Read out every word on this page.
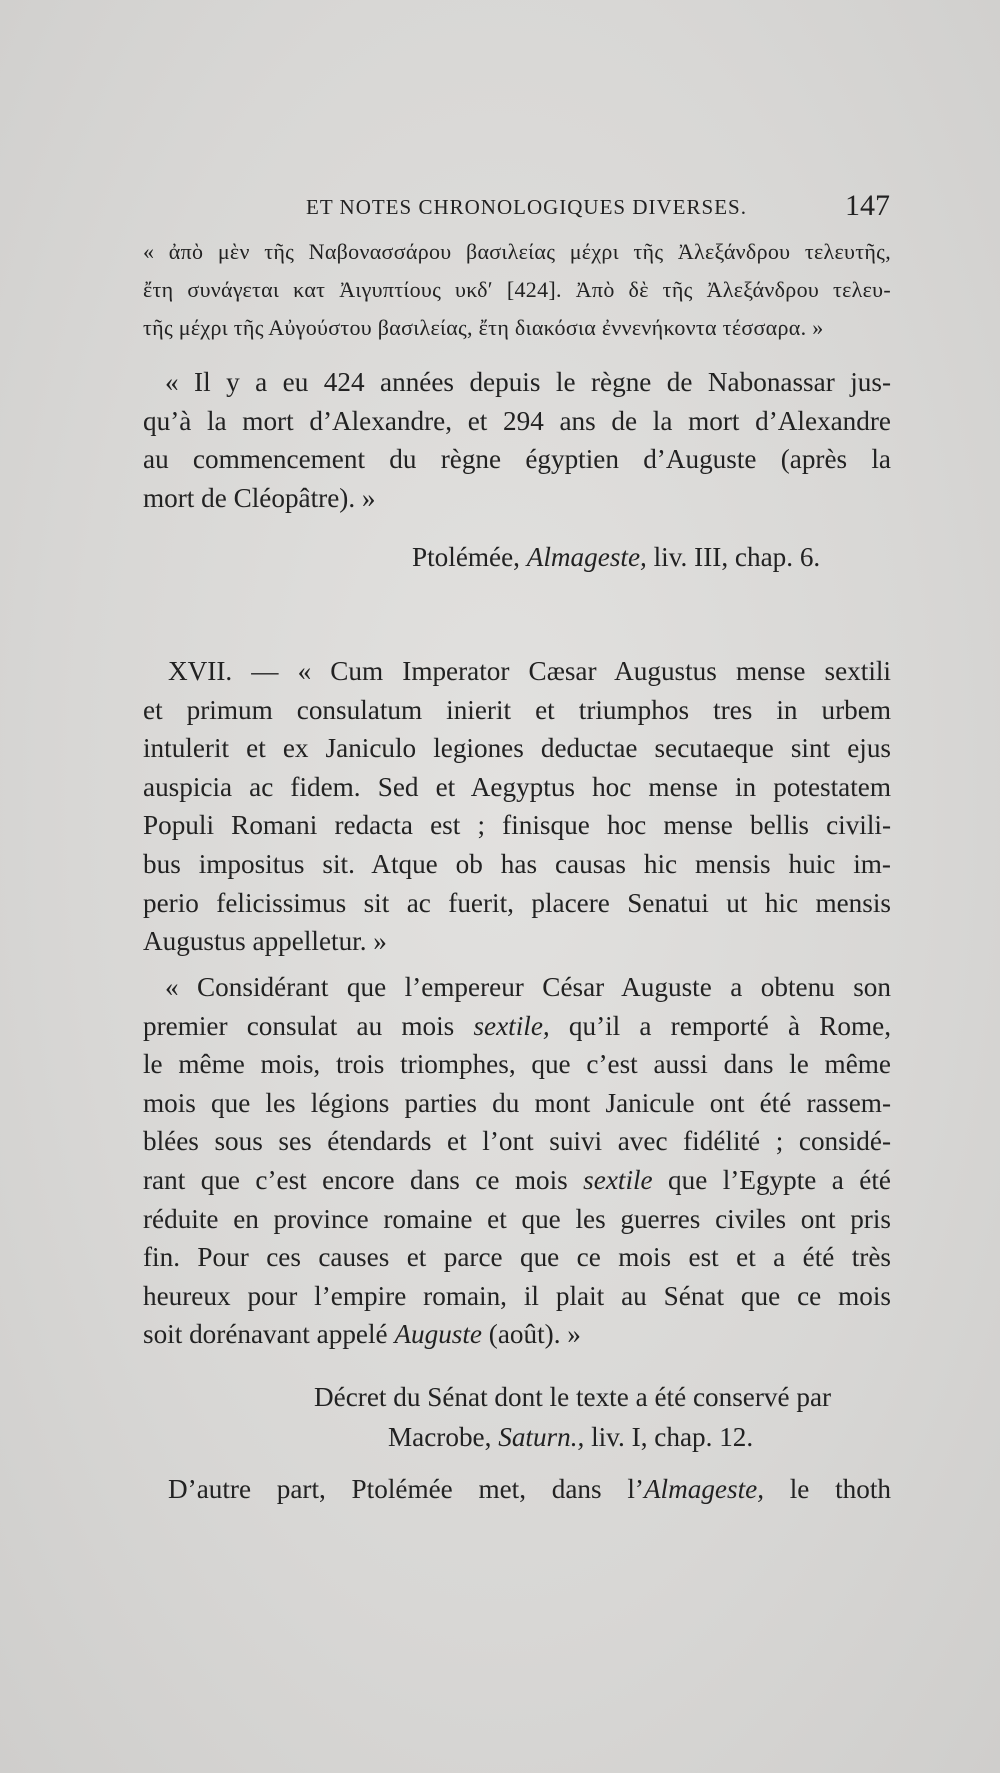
ET NOTES CHRONOLOGIQUES DIVERSES.	147
« ἀπὸ μὲν τῆς Ναβονασσάρου βασιλείας μέχρι τῆς Ἀλεξάνδρου τελευτῆς,
ἔτη συνάγεται κατ Ἀιγυπτίους υκδʹ [424]. Ἀπὸ δὲ τῆς Ἀλεξάνδρου τελευ-
τῆς μέχρι τῆς Αὐγούστου βασιλείας, ἔτη διακόσια ἐννενήκοντα τέσσαρα. »
« Il y a eu 424 années depuis le règne de Nabonassar jus-
qu’à la mort d’Alexandre, et 294 ans de la mort d’Alexandre
au commencement du règne égyptien d’Auguste (après la
mort de Cléopâtre). »
Ptolémée, Almageste, liv. III, chap. 6.
XVII. — « Cum Imperator Cæsar Augustus mense sextili
et primum consulatum inierit et triumphos tres in urbem
intulerit et ex Janiculo legiones deductae secutaeque sint ejus
auspicia ac fidem. Sed et Aegyptus hoc mense in potestatem
Populi Romani redacta est ; finisque hoc mense bellis civili-
bus impositus sit. Atque ob has causas hic mensis huic im-
perio felicissimus sit ac fuerit, placere Senatui ut hic mensis
Augustus appelletur. »
« Considérant que l’empereur César Auguste a obtenu son
premier consulat au mois sextile, qu’il a remporté à Rome,
le même mois, trois triomphes, que c’est aussi dans le même
mois que les légions parties du mont Janicule ont été rassem-
blées sous ses étendards et l’ont suivi avec fidélité ; considé-
rant que c’est encore dans ce mois sextile que l’Egypte a été
réduite en province romaine et que les guerres civiles ont pris
fin. Pour ces causes et parce que ce mois est et a été très
heureux pour l’empire romain, il plait au Sénat que ce mois
soit dorénavant appelé Auguste (août). »
Décret du Sénat dont le texte a été conservé par
Macrobe, Saturn., liv. I, chap. 12.
D’autre part, Ptolémée met, dans l’Almageste, le thoth
